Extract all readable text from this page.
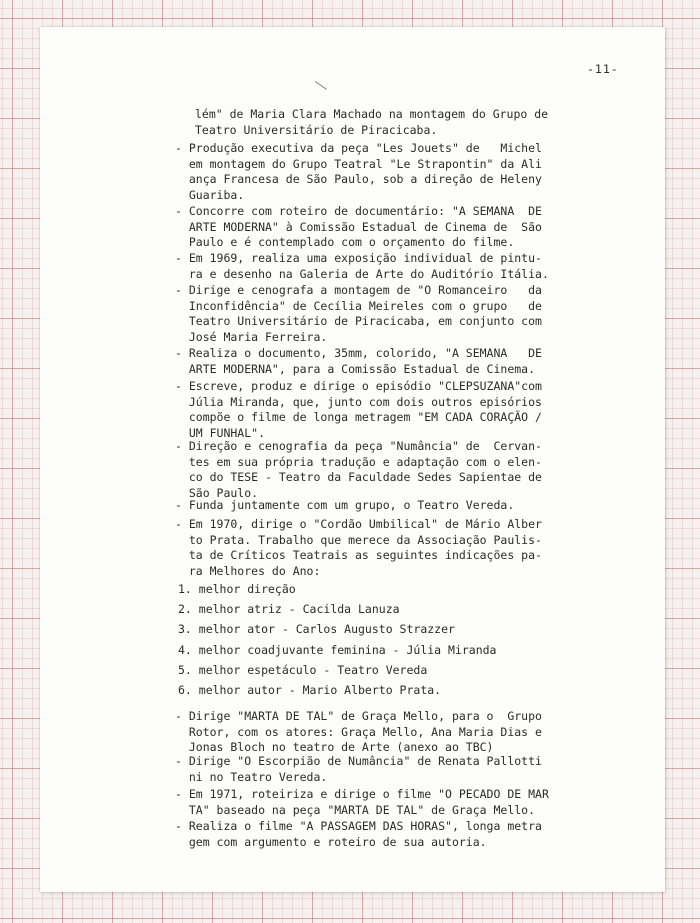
-11-

lém" de Maria Clara Machado na montagem do Grupo de
Teatro Universitário de Piracicaba.

- Produção executiva da peça "Les Jouets" de   Michel
em montagem do Grupo Teatral "Le Strapontin" da Ali
ança Francesa de São Paulo, sob a direção de Heleny
Guariba.

- Concorre com roteiro de documentário: "A SEMANA  DE
ARTE MODERNA" à Comissão Estadual de Cinema de  São
Paulo e é contemplado com o orçamento do filme.

- Em 1969, realiza uma exposição individual de pintu-
ra e desenho na Galeria de Arte do Auditório Itália.

- Dirige e cenografa a montagem de "O Romanceiro   da
Inconfidência" de Cecília Meireles com o grupo   de
Teatro Universitário de Piracicaba, em conjunto com
José Maria Ferreira.

- Realiza o documento, 35mm, colorido, "A SEMANA   DE
ARTE MODERNA", para a Comissão Estadual de Cinema.

- Escreve, produz e dirige o episódio "CLEPSUZANA"com
Júlia Miranda, que, junto com dois outros episórios
compõe o filme de longa metragem "EM CADA CORAÇÃO /
UM FUNHAL".

- Direção e cenografia da peça "Numância" de  Cervan-
tes em sua própria tradução e adaptação com o elen-
co do TESE - Teatro da Faculdade Sedes Sapientae de
São Paulo.

- Funda juntamente com um grupo, o Teatro Vereda.

- Em 1970, dirige o "Cordão Umbilical" de Mário Alber
to Prata. Trabalho que merece da Associação Paulis-
ta de Críticos Teatrais as seguintes indicações pa-
ra Melhores do Ano:

1. melhor direção

2. melhor atriz - Cacilda Lanuza

3. melhor ator - Carlos Augusto Strazzer

4. melhor coadjuvante feminina - Júlia Miranda

5. melhor espetáculo - Teatro Vereda

6. melhor autor - Mario Alberto Prata.

- Dirige "MARTA DE TAL" de Graça Mello, para o  Grupo
Rotor, com os atores: Graça Mello, Ana Maria Dias e
Jonas Bloch no teatro de Arte (anexo ao TBC)

- Dirige "O Escorpião de Numância" de Renata Pallotti
ni no Teatro Vereda.

- Em 1971, roteiriza e dirige o filme "O PECADO DE MAR
TA" baseado na peça "MARTA DE TAL" de Graça Mello.

- Realiza o filme "A PASSAGEM DAS HORAS", longa metra
gem com argumento e roteiro de sua autoria.
